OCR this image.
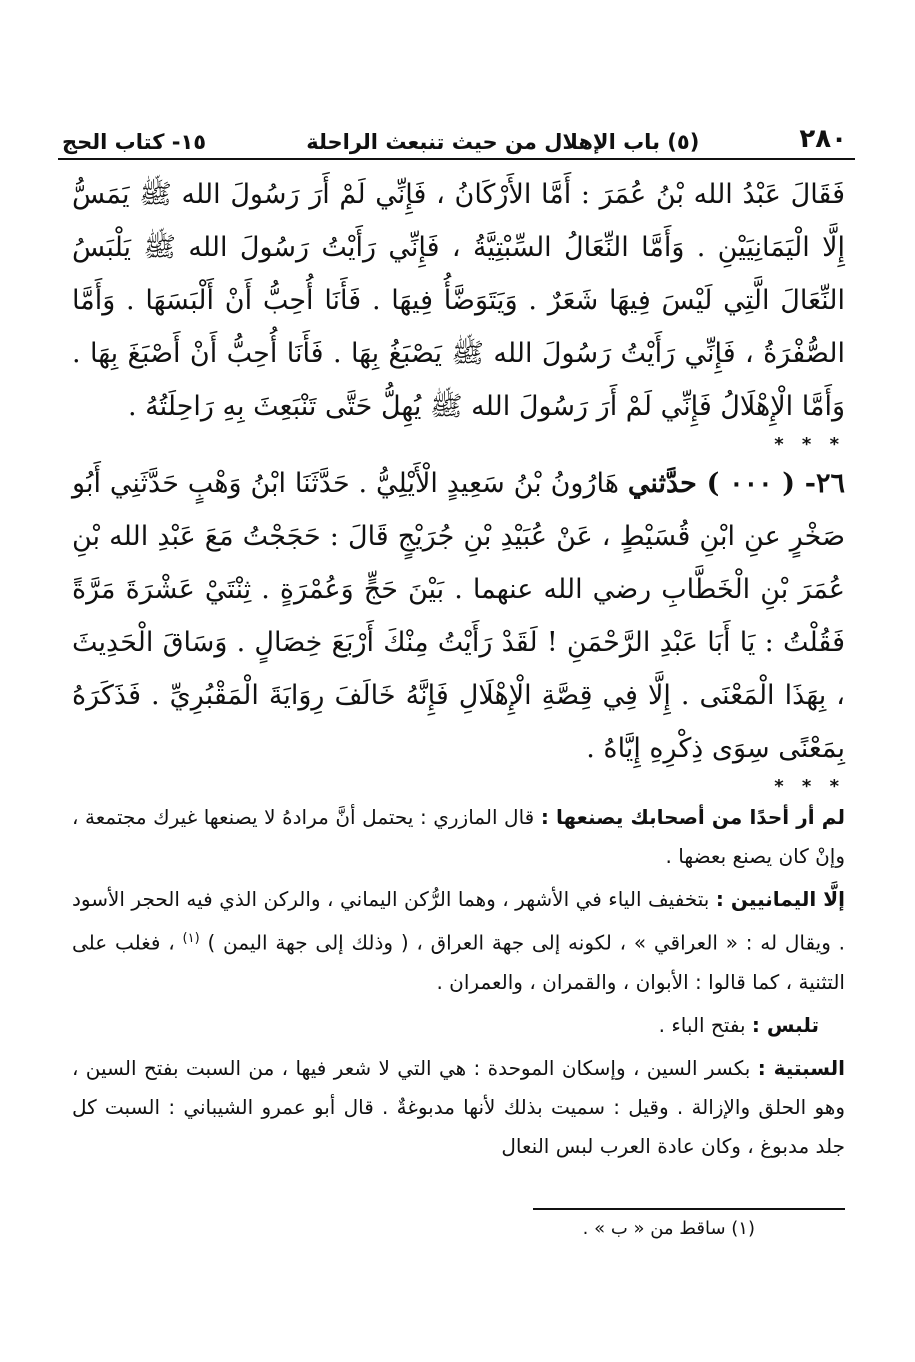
٢٨٠
(٥) باب الإهلال من حيث تنبعث الراحلة
١٥- كتاب الحج

فَقَالَ عَبْدُ الله بْنُ عُمَرَ : أَمَّا الأَرْكَانُ ، فَإِنِّي لَمْ أَرَ رَسُولَ الله ﷺ يَمَسُّ إِلَّا الْيَمَانِيَيْنِ . وَأَمَّا النِّعَالُ السِّبْتِيَّةُ ، فَإِنِّي رَأَيْتُ رَسُولَ الله ﷺ يَلْبَسُ النِّعَالَ الَّتِي لَيْسَ فِيهَا شَعَرٌ . وَيَتَوَضَّأُ فِيهَا . فَأَنَا أُحِبُّ أَنْ أَلْبَسَهَا . وَأَمَّا الصُّفْرَةُ ، فَإِنِّي رَأَيْتُ رَسُولَ الله ﷺ يَصْبَغُ بِهَا . فَأَنَا أُحِبُّ أَنْ أَصْبَغَ بِهَا . وَأَمَّا الْإِهْلَالُ فَإِنِّي لَمْ أَرَ رَسُولَ الله ﷺ يُهِلُّ حَتَّى تَنْبَعِثَ بِهِ رَاحِلَتُهُ .

* * *

٢٦- ( ٠٠٠ ) حدَّثني هَارُونُ بْنُ سَعِيدٍ الْأَيْلِيُّ . حَدَّثَنَا ابْنُ وَهْبٍ حَدَّثَنِي أَبُو صَخْرٍ عنِ ابْنِ قُسَيْطٍ ، عَنْ عُبَيْدِ بْنِ جُرَيْجٍ قَالَ : حَجَجْتُ مَعَ عَبْدِ الله بْنِ عُمَرَ بْنِ الْخَطَّابِ رضي الله عنهما . بَيْنَ حَجٍّ وَعُمْرَةٍ . ثِنْتَيْ عَشْرَةَ مَرَّةً فَقُلْتُ : يَا أَبَا عَبْدِ الرَّحْمَنِ ! لَقَدْ رَأَيْتُ مِنْكَ أَرْبَعَ خِصَالٍ . وَسَاقَ الْحَدِيثَ ، بِهَذَا الْمَعْنَى . إِلَّا فِي قِصَّةِ الْإِهْلَالِ فَإِنَّهُ خَالَفَ رِوَايَةَ الْمَقْبُرِيِّ . فَذَكَرَهُ بِمَعْنًى سِوَى ذِكْرِهِ إِيَّاهُ .

* * *

لم أر أحدًا من أصحابك يصنعها : قال المازري : يحتمل أنَّ مرادهُ لا يصنعها غيرك مجتمعة ، وإنْ كان يصنع بعضها .

إلَّا اليمانيين : بتخفيف الياء في الأشهر ، وهما الرُّكن اليماني ، والركن الذي فيه الحجر الأسود . ويقال له : « العراقي » ، لكونه إلى جهة العراق ، ( وذلك إلى جهة اليمن ) $^{(١)}$ ، فغلب على التثنية ، كما قالوا : الأبوان ، والقمران ، والعمران .

تلبس : بفتح الباء .

السبتية : بكسر السين ، وإسكان الموحدة : هي التي لا شعر فيها ، من السبت بفتح السين ، وهو الحلق والإزالة . وقيل : سميت بذلك لأنها مدبوغةٌ . قال أبو عمرو الشيباني : السبت كل جلد مدبوغ ، وكان عادة العرب لبس النعال

(١) ساقط من « ب » .
